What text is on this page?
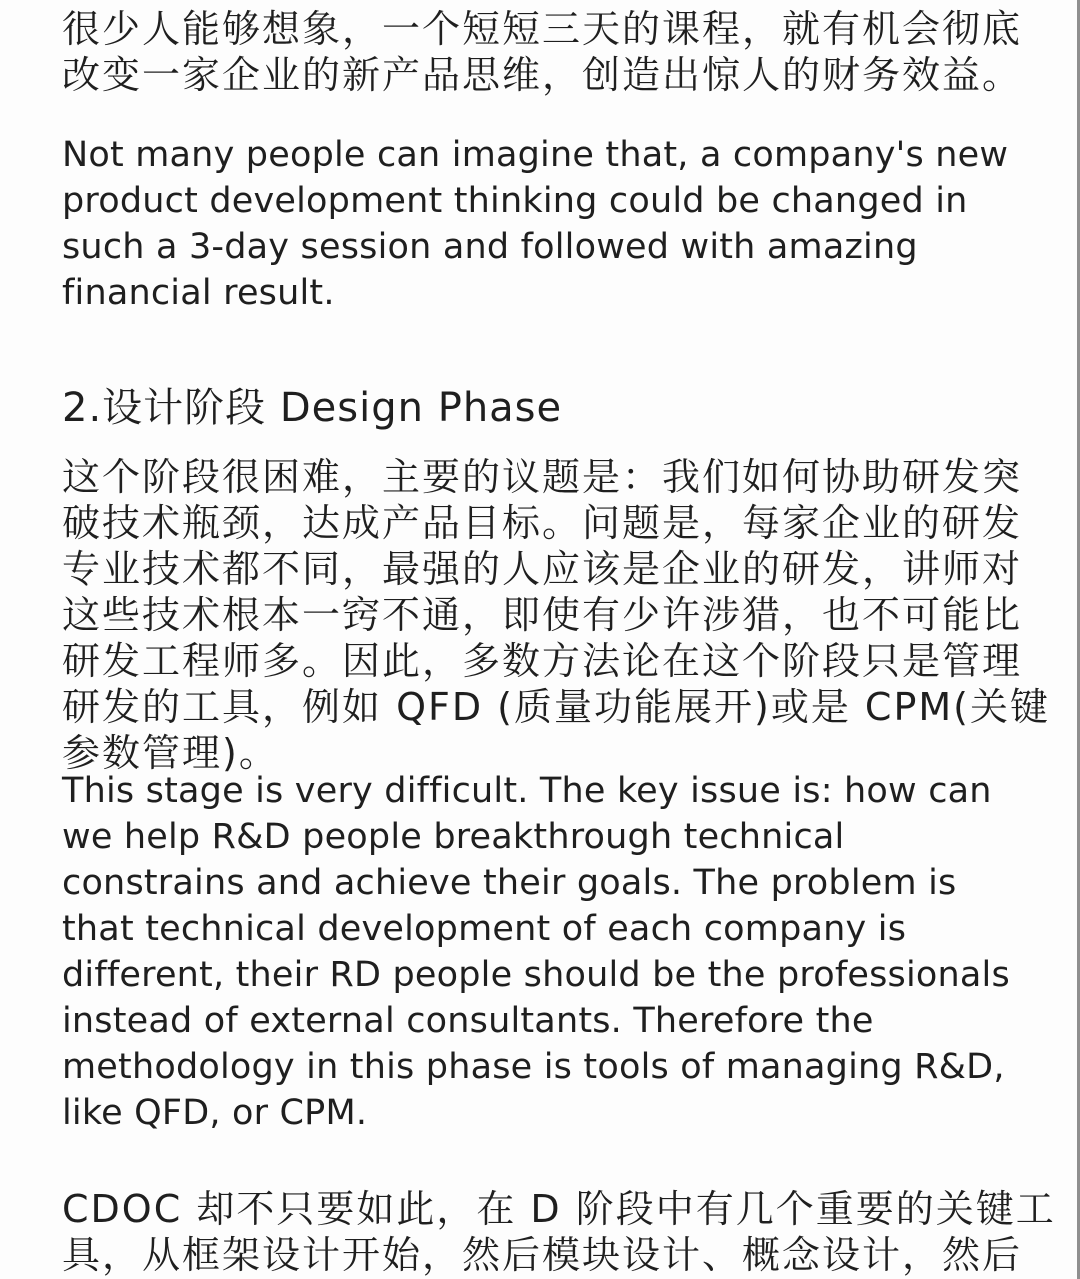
很少人能够想象，一个短短三天的课程，就有机会彻底
改变一家企业的新产品思维，创造出惊人的财务效益。
Not many people can imagine that, a company's new
product development thinking could be changed in
such a 3-day session and followed with amazing
financial result.
2.设计阶段 Design Phase
这个阶段很困难，主要的议题是：我们如何协助研发突
破技术瓶颈，达成产品目标。问题是，每家企业的研发
专业技术都不同，最强的人应该是企业的研发，讲师对
这些技术根本一窍不通，即使有少许涉猎，也不可能比
研发工程师多。因此，多数方法论在这个阶段只是管理
研发的工具，例如 QFD (质量功能展开)或是 CPM(关键
参数管理)。
This stage is very difficult. The key issue is: how can
we help R&D people breakthrough technical
constrains and achieve their goals. The problem is
that technical development of each company is
different, their RD people should be the professionals
instead of external consultants. Therefore the
methodology in this phase is tools of managing R&D,
like QFD, or CPM.
CDOC 却不只要如此，在 D 阶段中有几个重要的关键工
具，从框架设计开始，然后模块设计、概念设计，然后
